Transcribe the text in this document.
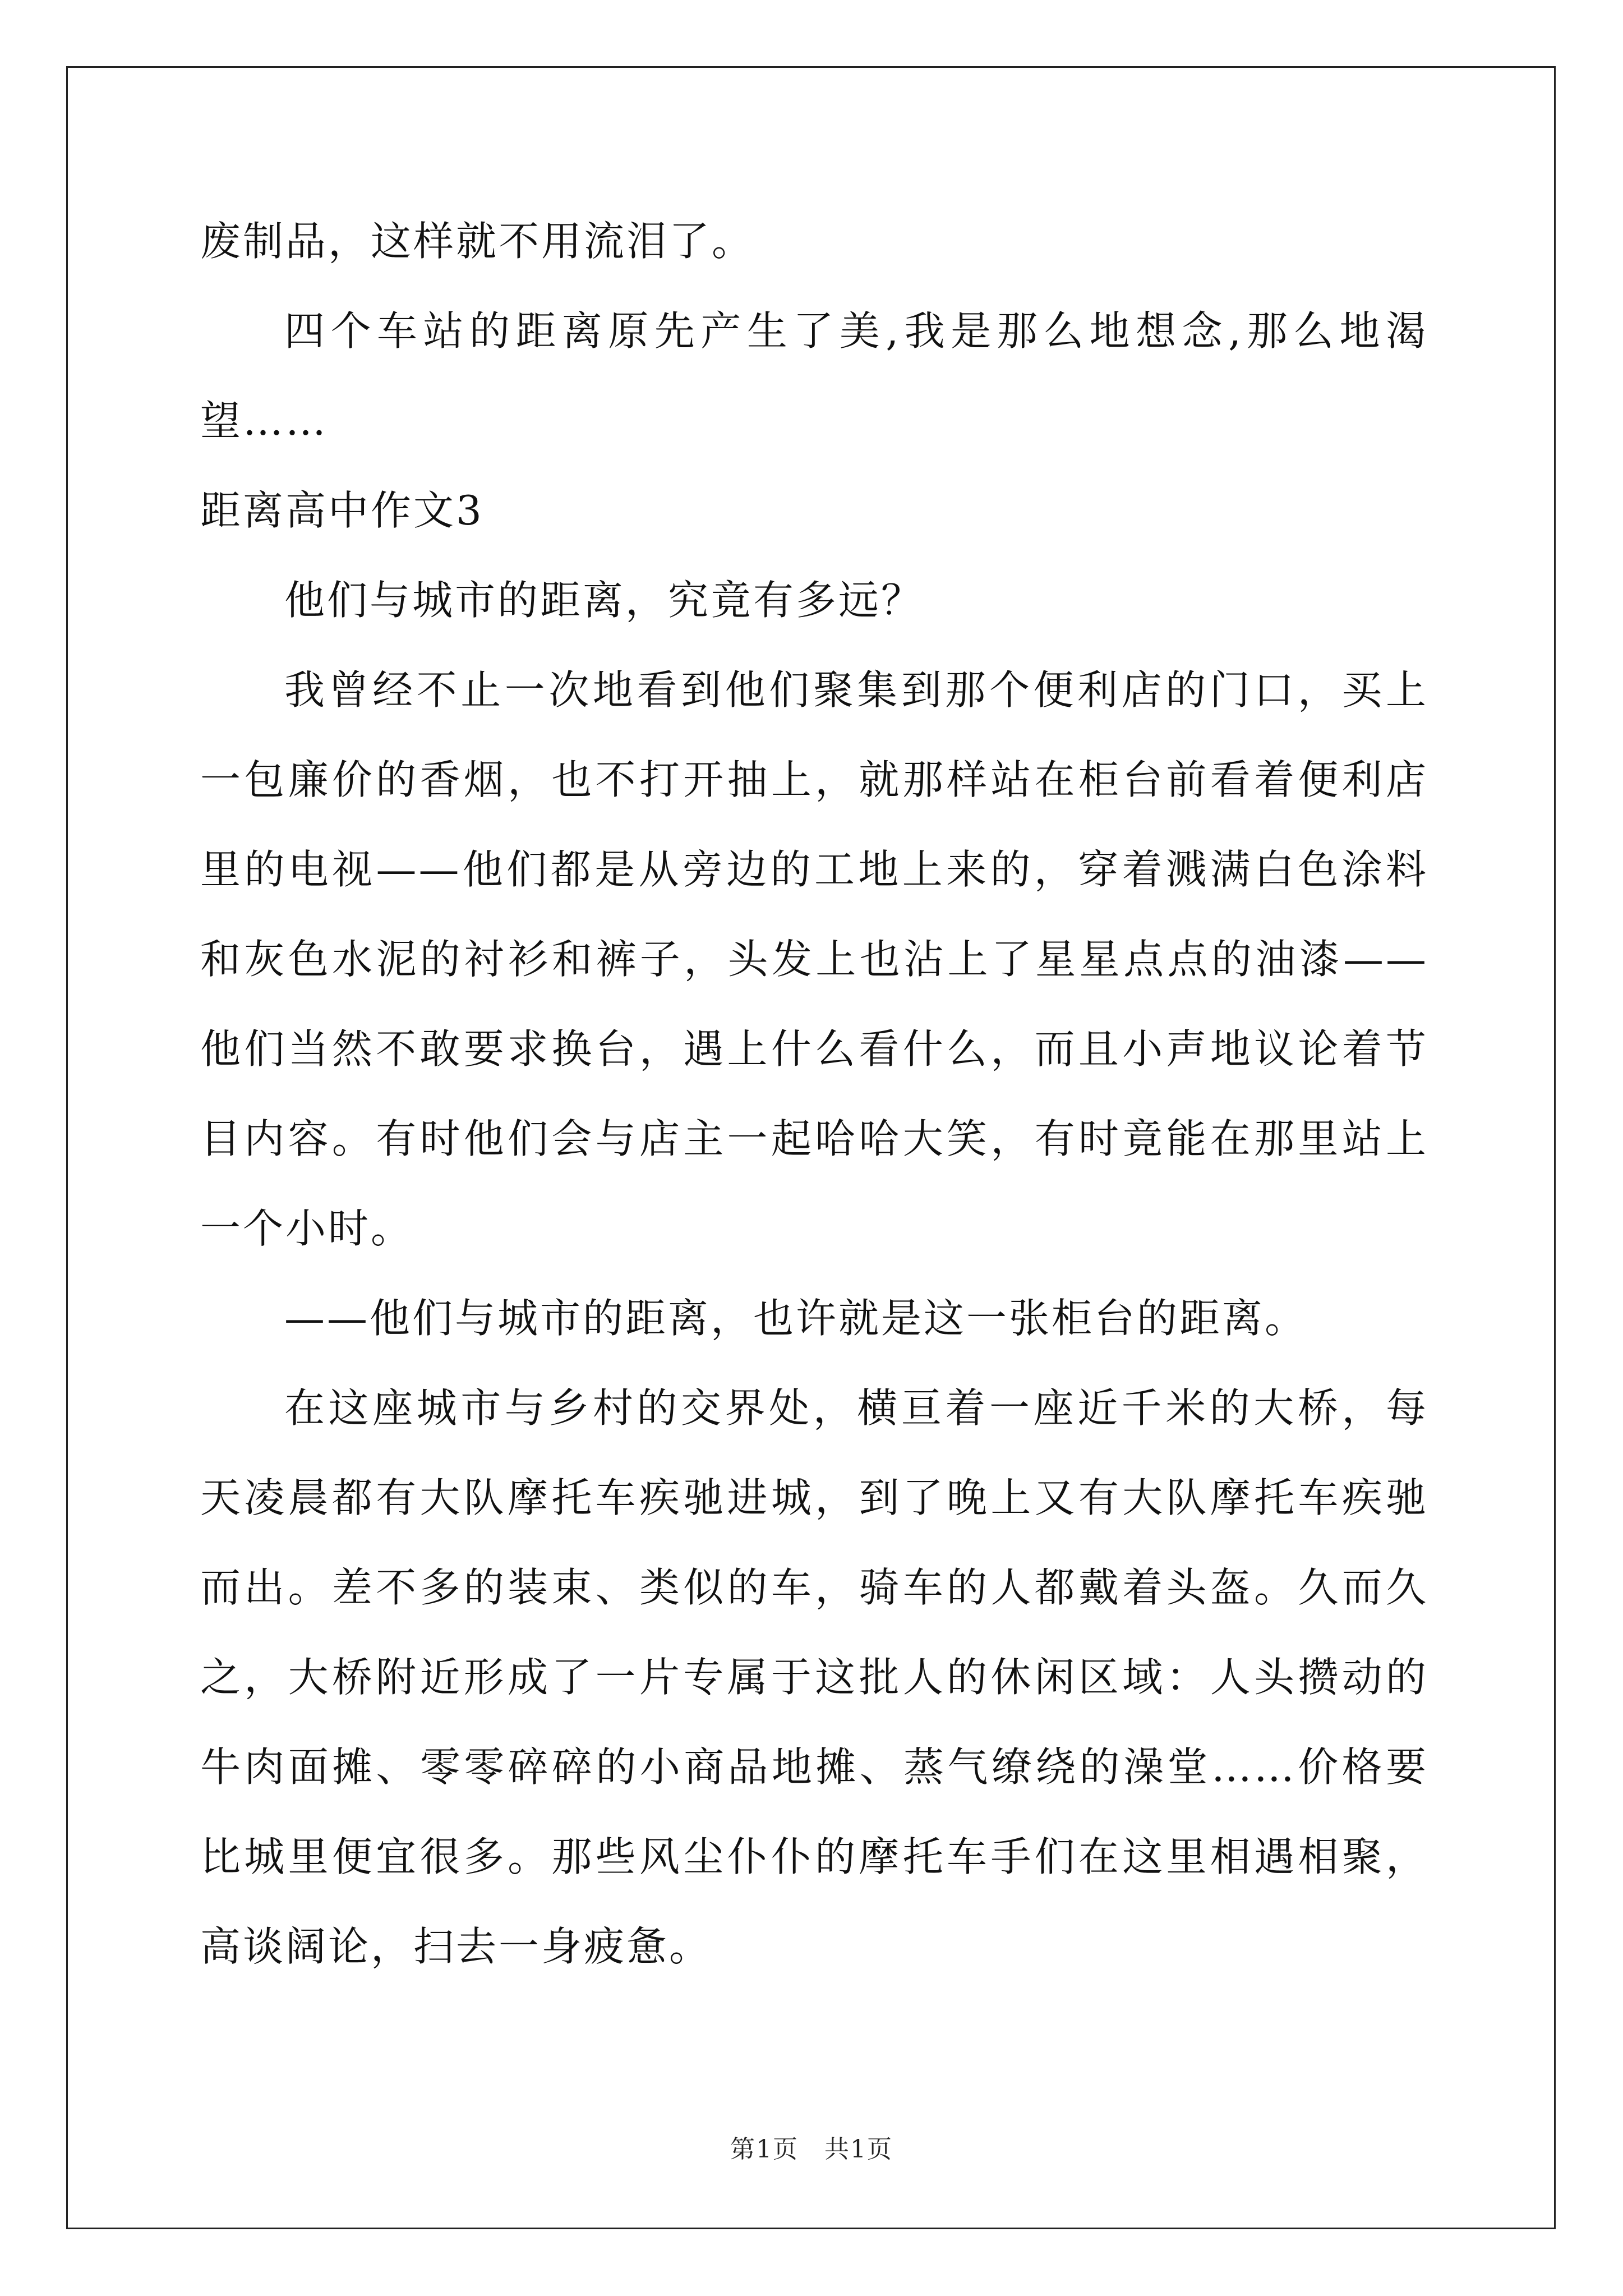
废制品，这样就不用流泪了。

四个车站的距离原先产生了美,我是那么地想念,那么地渴望……

距离高中作文3

他们与城市的距离，究竟有多远？

我曾经不止一次地看到他们聚集到那个便利店的门口，买上一包廉价的香烟，也不打开抽上，就那样站在柜台前看着便利店里的电视——他们都是从旁边的工地上来的，穿着溅满白色涂料和灰色水泥的衬衫和裤子，头发上也沾上了星星点点的油漆——他们当然不敢要求换台，遇上什么看什么，而且小声地议论着节目内容。有时他们会与店主一起哈哈大笑，有时竟能在那里站上一个小时。

——他们与城市的距离，也许就是这一张柜台的距离。

在这座城市与乡村的交界处，横亘着一座近千米的大桥，每天凌晨都有大队摩托车疾驰进城，到了晚上又有大队摩托车疾驰而出。差不多的装束、类似的车，骑车的人都戴着头盔。久而久之，大桥附近形成了一片专属于这批人的休闲区域：人头攒动的牛肉面摊、零零碎碎的小商品地摊、蒸气缭绕的澡堂……价格要比城里便宜很多。那些风尘仆仆的摩托车手们在这里相遇相聚，高谈阔论，扫去一身疲惫。

第1页　共1页
